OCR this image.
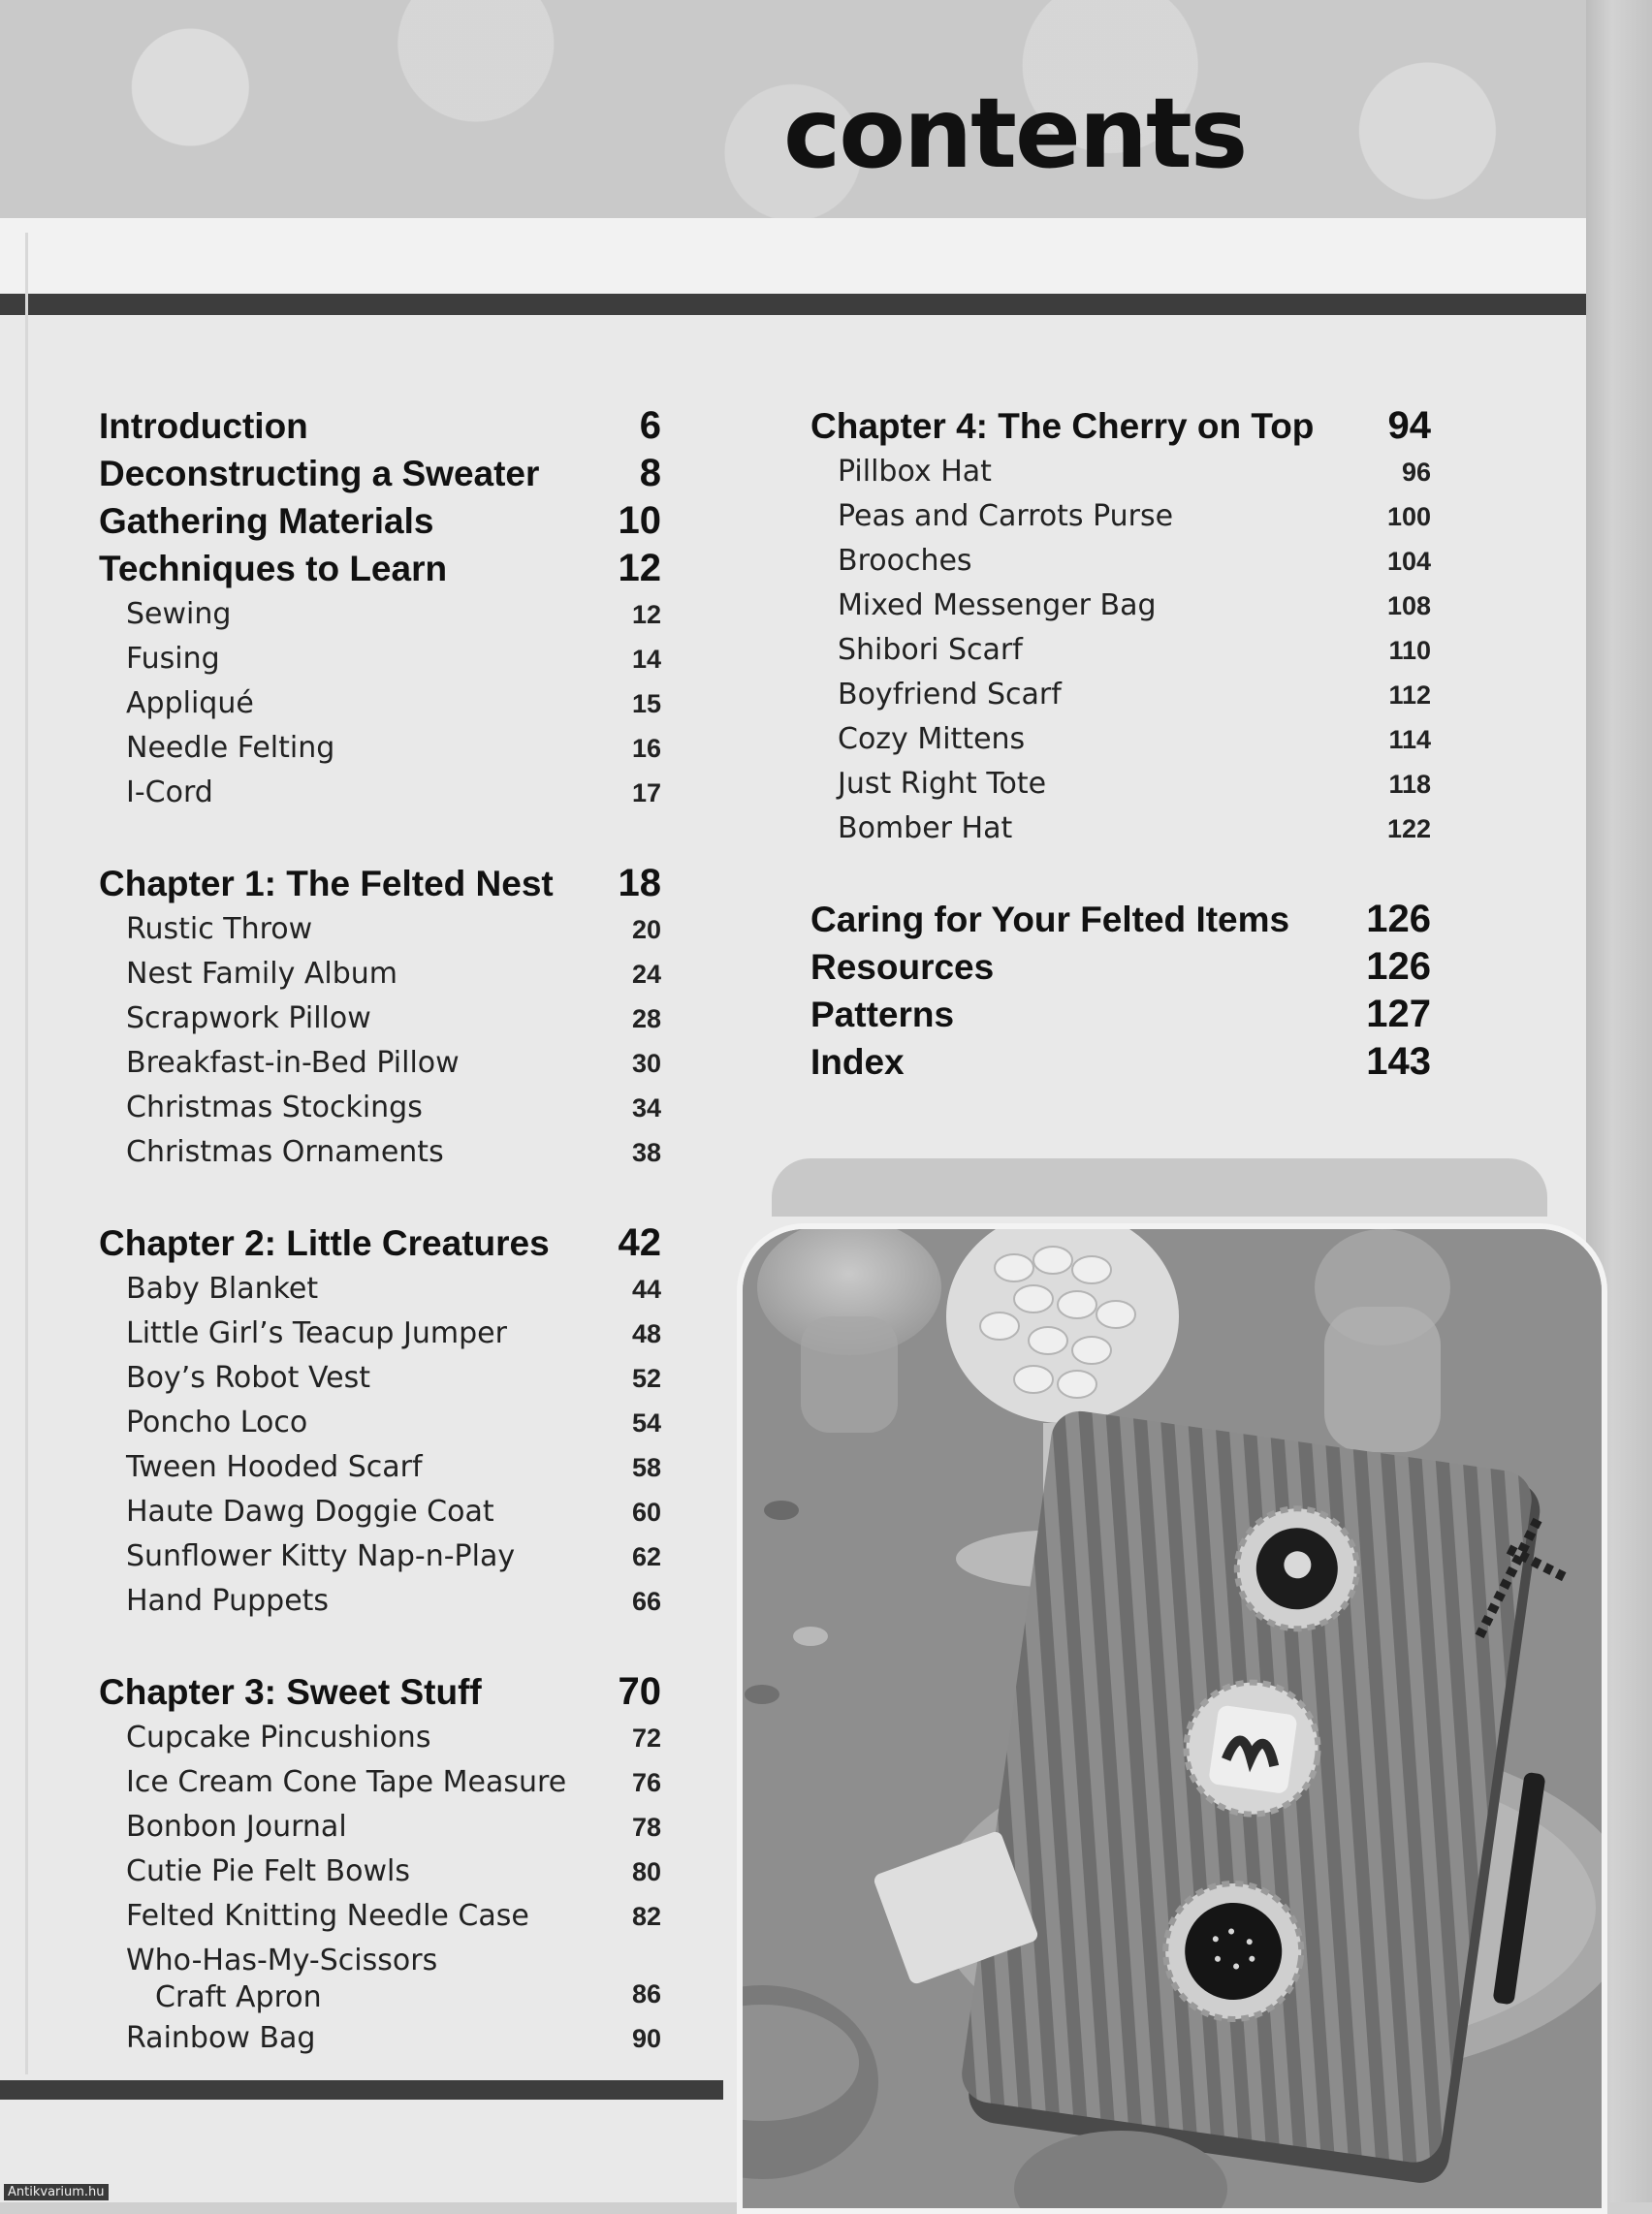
contents
Introduction	6
Deconstructing a Sweater	8
Gathering Materials	10
Techniques to Learn	12
Sewing	12
Fusing	14
Appliqué	15
Needle Felting	16
I-Cord	17
Chapter 1: The Felted Nest 18
Rustic Throw	20
Nest Family Album	24
Scrapwork Pillow	28
Breakfast-in-Bed Pillow	30
Christmas Stockings	34
Christmas Ornaments	38
Chapter 2: Little Creatures 42
Baby Blanket	44
Little Girl’s Teacup Jumper	48
Boy’s Robot Vest	52
Poncho Loco	54
Tween Hooded Scarf	58
Haute Dawg Doggie Coat	60
Sunflower Kitty Nap-n-Play	62
Hand Puppets	66
Chapter 3: Sweet Stuff	70
Cupcake Pincushions	72
Ice Cream Cone Tape Measure	76
Bonbon Journal	78
Cutie Pie Felt Bowls	80
Felted Knitting Needle Case	82
Who-Has-My-Scissors
Craft Apron	86
Rainbow Bag	90
Chapter 4: The Cherry on Top 94
Pillbox Hat	96
Peas and Carrots Purse	100
Brooches	104
Mixed Messenger Bag	108
Shibori Scarf	110
Boyfriend Scarf	112
Cozy Mittens	114
Just Right Tote	118
Bomber Hat	122
Caring for Your Felted Items 126
Resources	126
Patterns	127
Index	143
Antikvarium.hu
